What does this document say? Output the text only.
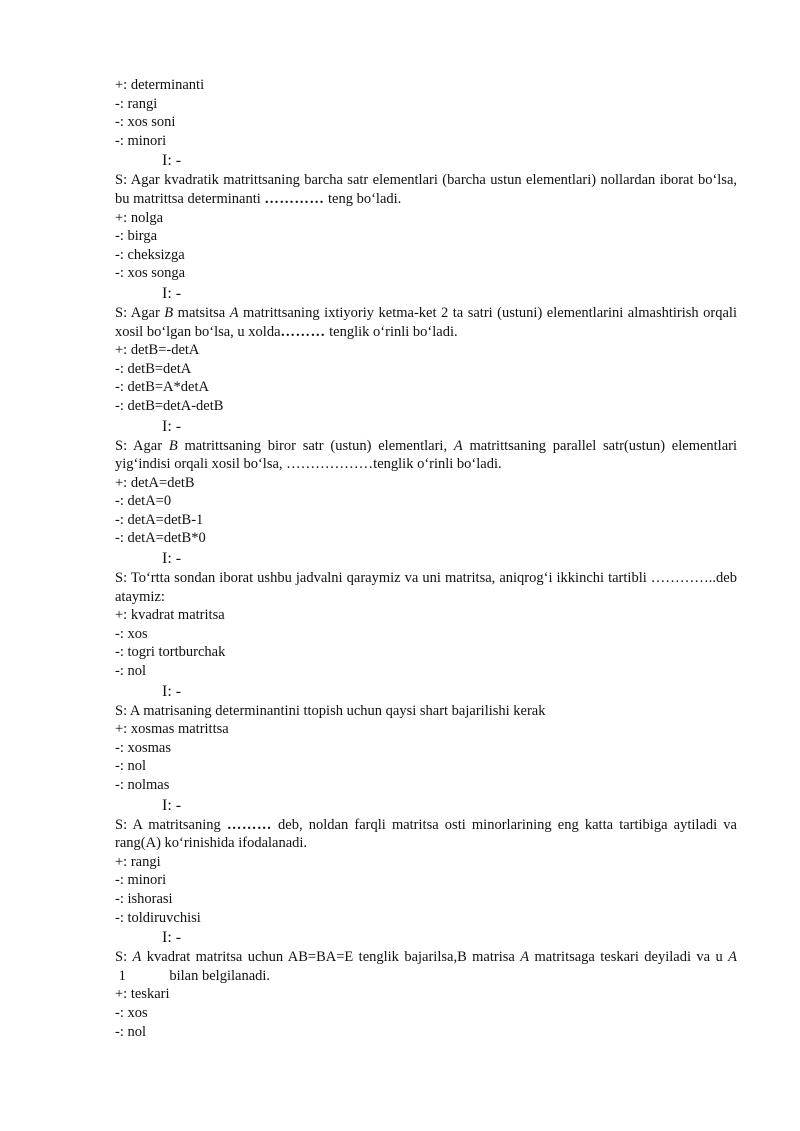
+: determinanti
-: rangi
-: xos soni
-: minori
I: -
S: Agar kvadratik matrittsaning barcha satr elementlari (barcha ustun elementlari) nollardan iborat bo‘lsa, bu matrittsa determinanti ………… teng bo‘ladi.
+: nolga
-: birga
-: cheksizga
-: xos songa
I: -
S: Agar B matsitsa A matrittsaning ixtiyoriy ketma-ket 2 ta satri (ustuni) elementlarini almashtirish orqali xosil bo‘lgan bo‘lsa, u xolda……… tenglik o‘rinli bo‘ladi.
+: detB=-detA
-: detB=detA
-: detB=A*detA
-: detB=detA-detB
I: -
S: Agar B matrittsaning biror satr (ustun) elementlari, A matrittsaning parallel satr(ustun) elementlari yig‘indisi orqali xosil bo‘lsa, ………………tenglik o‘rinli bo‘ladi.
+: detA=detB
-: detA=0
-: detA=detB-1
-: detA=detB*0
I: -
S: To‘rtta sondan iborat ushbu jadvalni qaraymiz va uni matritsa, aniqrog‘i ikkinchi tartibli …………..deb ataymiz:
+: kvadrat matritsa
-: xos
-: togri tortburchak
-: nol
I: -
S: A matrisaning determinantini ttopish uchun qaysi shart bajarilishi kerak
+: xosmas matrittsa
-: xosmas
-: nol
-: nolmas
I: -
S: A matritsaning ……… deb, noldan farqli matritsa osti minorlarining eng katta tartibiga aytiladi va rang(A) ko‘rinishida ifodalanadi.
+: rangi
-: minori
-: ishorasi
-: toldiruvchisi
I: -
S: A kvadrat matritsa uchun AB=BA=E tenglik bajarilsa,B matrisa A matritsaga teskari deyiladi va u A 1            bilan belgilanadi.
+: teskari
-: xos
-: nol
